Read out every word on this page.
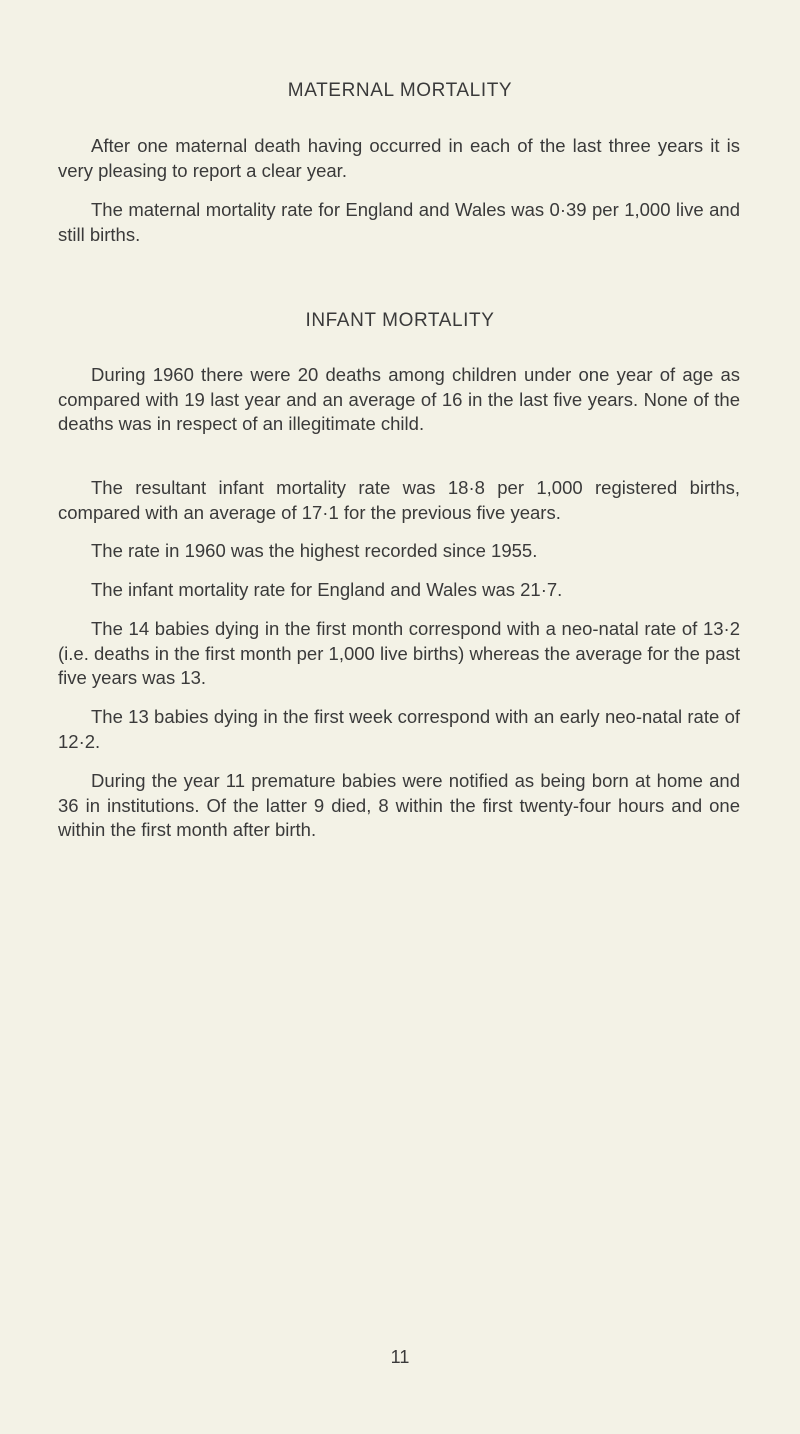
MATERNAL MORTALITY

After one maternal death having occurred in each of the last three years it is very pleasing to report a clear year.

The maternal mortality rate for England and Wales was 0·39 per 1,000 live and still births.

INFANT MORTALITY

During 1960 there were 20 deaths among children under one year of age as compared with 19 last year and an average of 16 in the last five years. None of the deaths was in respect of an illegitimate child.

The resultant infant mortality rate was 18·8 per 1,000 registered births, compared with an average of 17·1 for the previous five years.

The rate in 1960 was the highest recorded since 1955.

The infant mortality rate for England and Wales was 21·7.

The 14 babies dying in the first month correspond with a neo-natal rate of 13·2 (i.e. deaths in the first month per 1,000 live births) whereas the average for the past five years was 13.

The 13 babies dying in the first week correspond with an early neo-natal rate of 12·2.

During the year 11 premature babies were notified as being born at home and 36 in institutions. Of the latter 9 died, 8 within the first twenty-four hours and one within the first month after birth.

11
